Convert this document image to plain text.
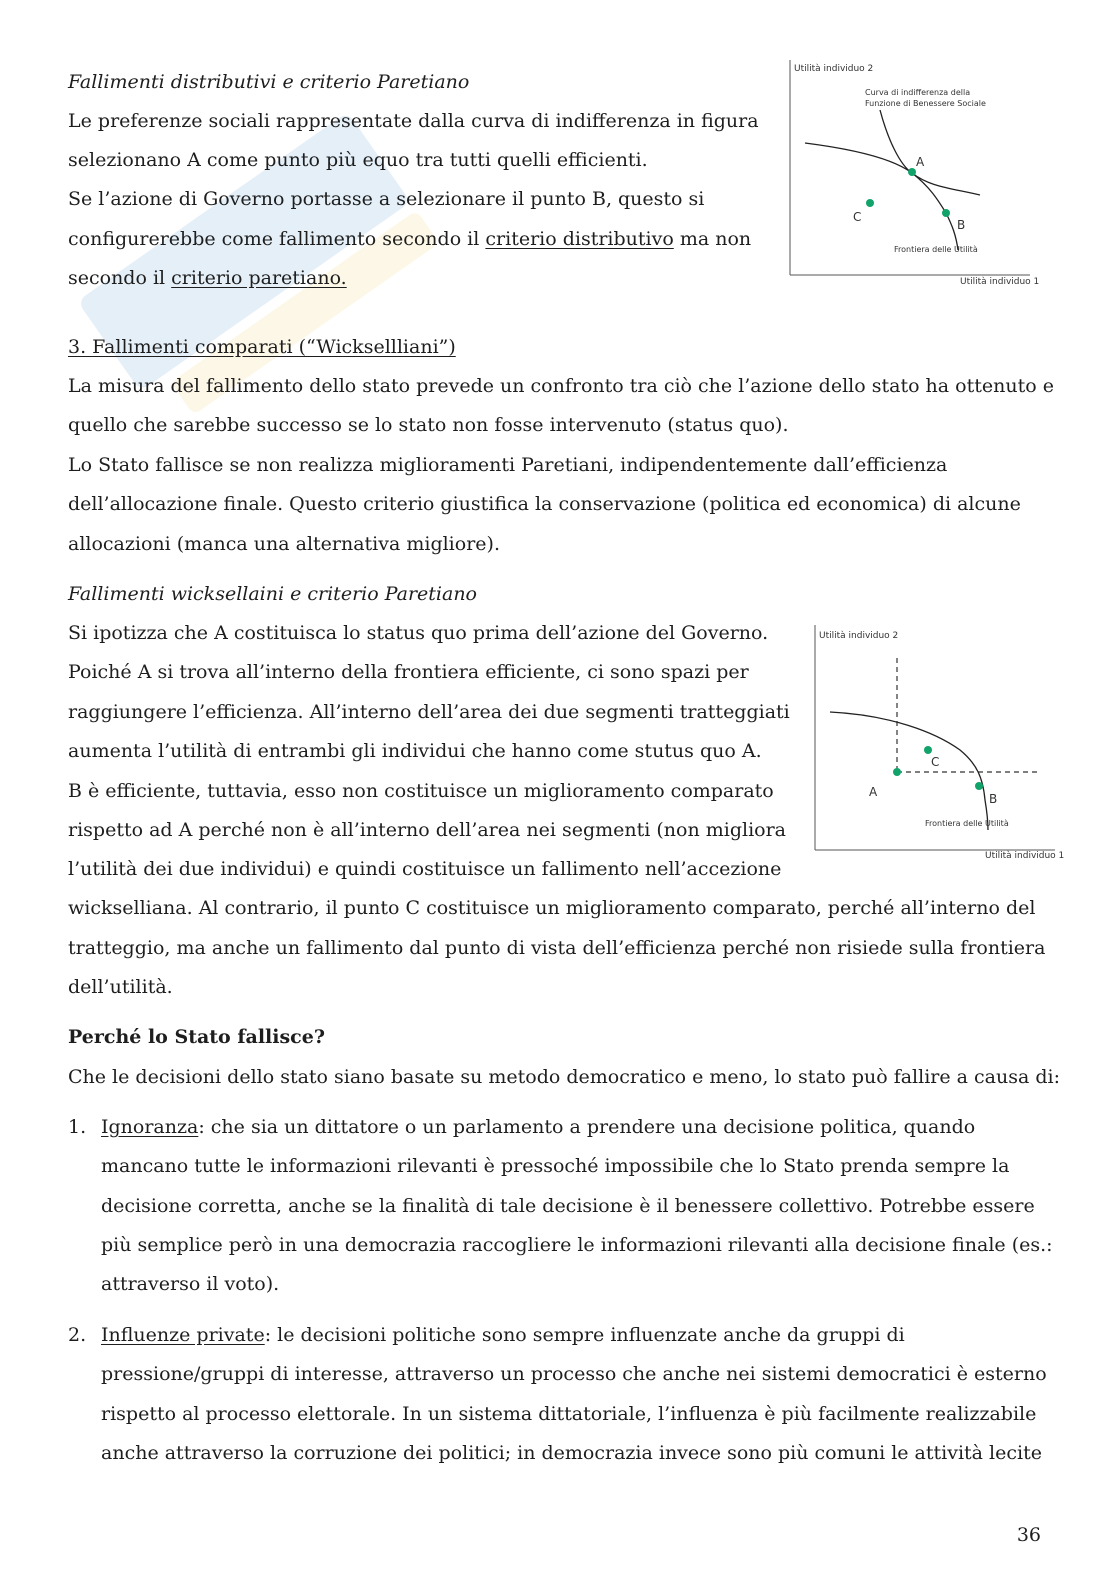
Fallimenti distributivi e criterio Paretiano
Le preferenze sociali rappresentate dalla curva di indifferenza in figura
selezionano A come punto più equo tra tutti quelli efficienti.
Se l’azione di Governo portasse a selezionare il punto B, questo si
configurerebbe come fallimento secondo il criterio distributivo ma non
secondo il criterio paretiano.
Utilità individuo 2
Utilità individuo 1
Curva di indifferenza della
Funzione di Benessere Sociale
A
B
C
Frontiera delle Utilità
3. Fallimenti comparati (“Wicksellliani”)
La misura del fallimento dello stato prevede un confronto tra ciò che l’azione dello stato ha ottenuto e
quello che sarebbe successo se lo stato non fosse intervenuto (status quo).
Lo Stato fallisce se non realizza miglioramenti Paretiani, indipendentemente dall’efficienza
dell’allocazione finale. Questo criterio giustifica la conservazione (politica ed economica) di alcune
allocazioni (manca una alternativa migliore).
Fallimenti wicksellaini e criterio Paretiano
Si ipotizza che A costituisca lo status quo prima dell’azione del Governo.
Poiché A si trova all’interno della frontiera efficiente, ci sono spazi per
raggiungere l’efficienza. All’interno dell’area dei due segmenti tratteggiati
aumenta l’utilità di entrambi gli individui che hanno come stutus quo A.
B è efficiente, tuttavia, esso non costituisce un miglioramento comparato
rispetto ad A perché non è all’interno dell’area nei segmenti (non migliora
l’utilità dei due individui) e quindi costituisce un fallimento nell’accezione
wickselliana. Al contrario, il punto C costituisce un miglioramento comparato, perché all’interno del
tratteggio, ma anche un fallimento dal punto di vista dell’efficienza perché non risiede sulla frontiera
dell’utilità.
Utilità individuo 2
Utilità individuo 1
A
C
B
Frontiera delle Utilità
Perché lo Stato fallisce?
Che le decisioni dello stato siano basate su metodo democratico e meno, lo stato può fallire a causa di:
1. Ignoranza: che sia un dittatore o un parlamento a prendere una decisione politica, quando
mancano tutte le informazioni rilevanti è pressoché impossibile che lo Stato prenda sempre la
decisione corretta, anche se la finalità di tale decisione è il benessere collettivo. Potrebbe essere
più semplice però in una democrazia raccogliere le informazioni rilevanti alla decisione finale (es.:
attraverso il voto).
2. Influenze private: le decisioni politiche sono sempre influenzate anche da gruppi di
pressione/gruppi di interesse, attraverso un processo che anche nei sistemi democratici è esterno
rispetto al processo elettorale. In un sistema dittatoriale, l’influenza è più facilmente realizzabile
anche attraverso la corruzione dei politici; in democrazia invece sono più comuni le attività lecite
36
